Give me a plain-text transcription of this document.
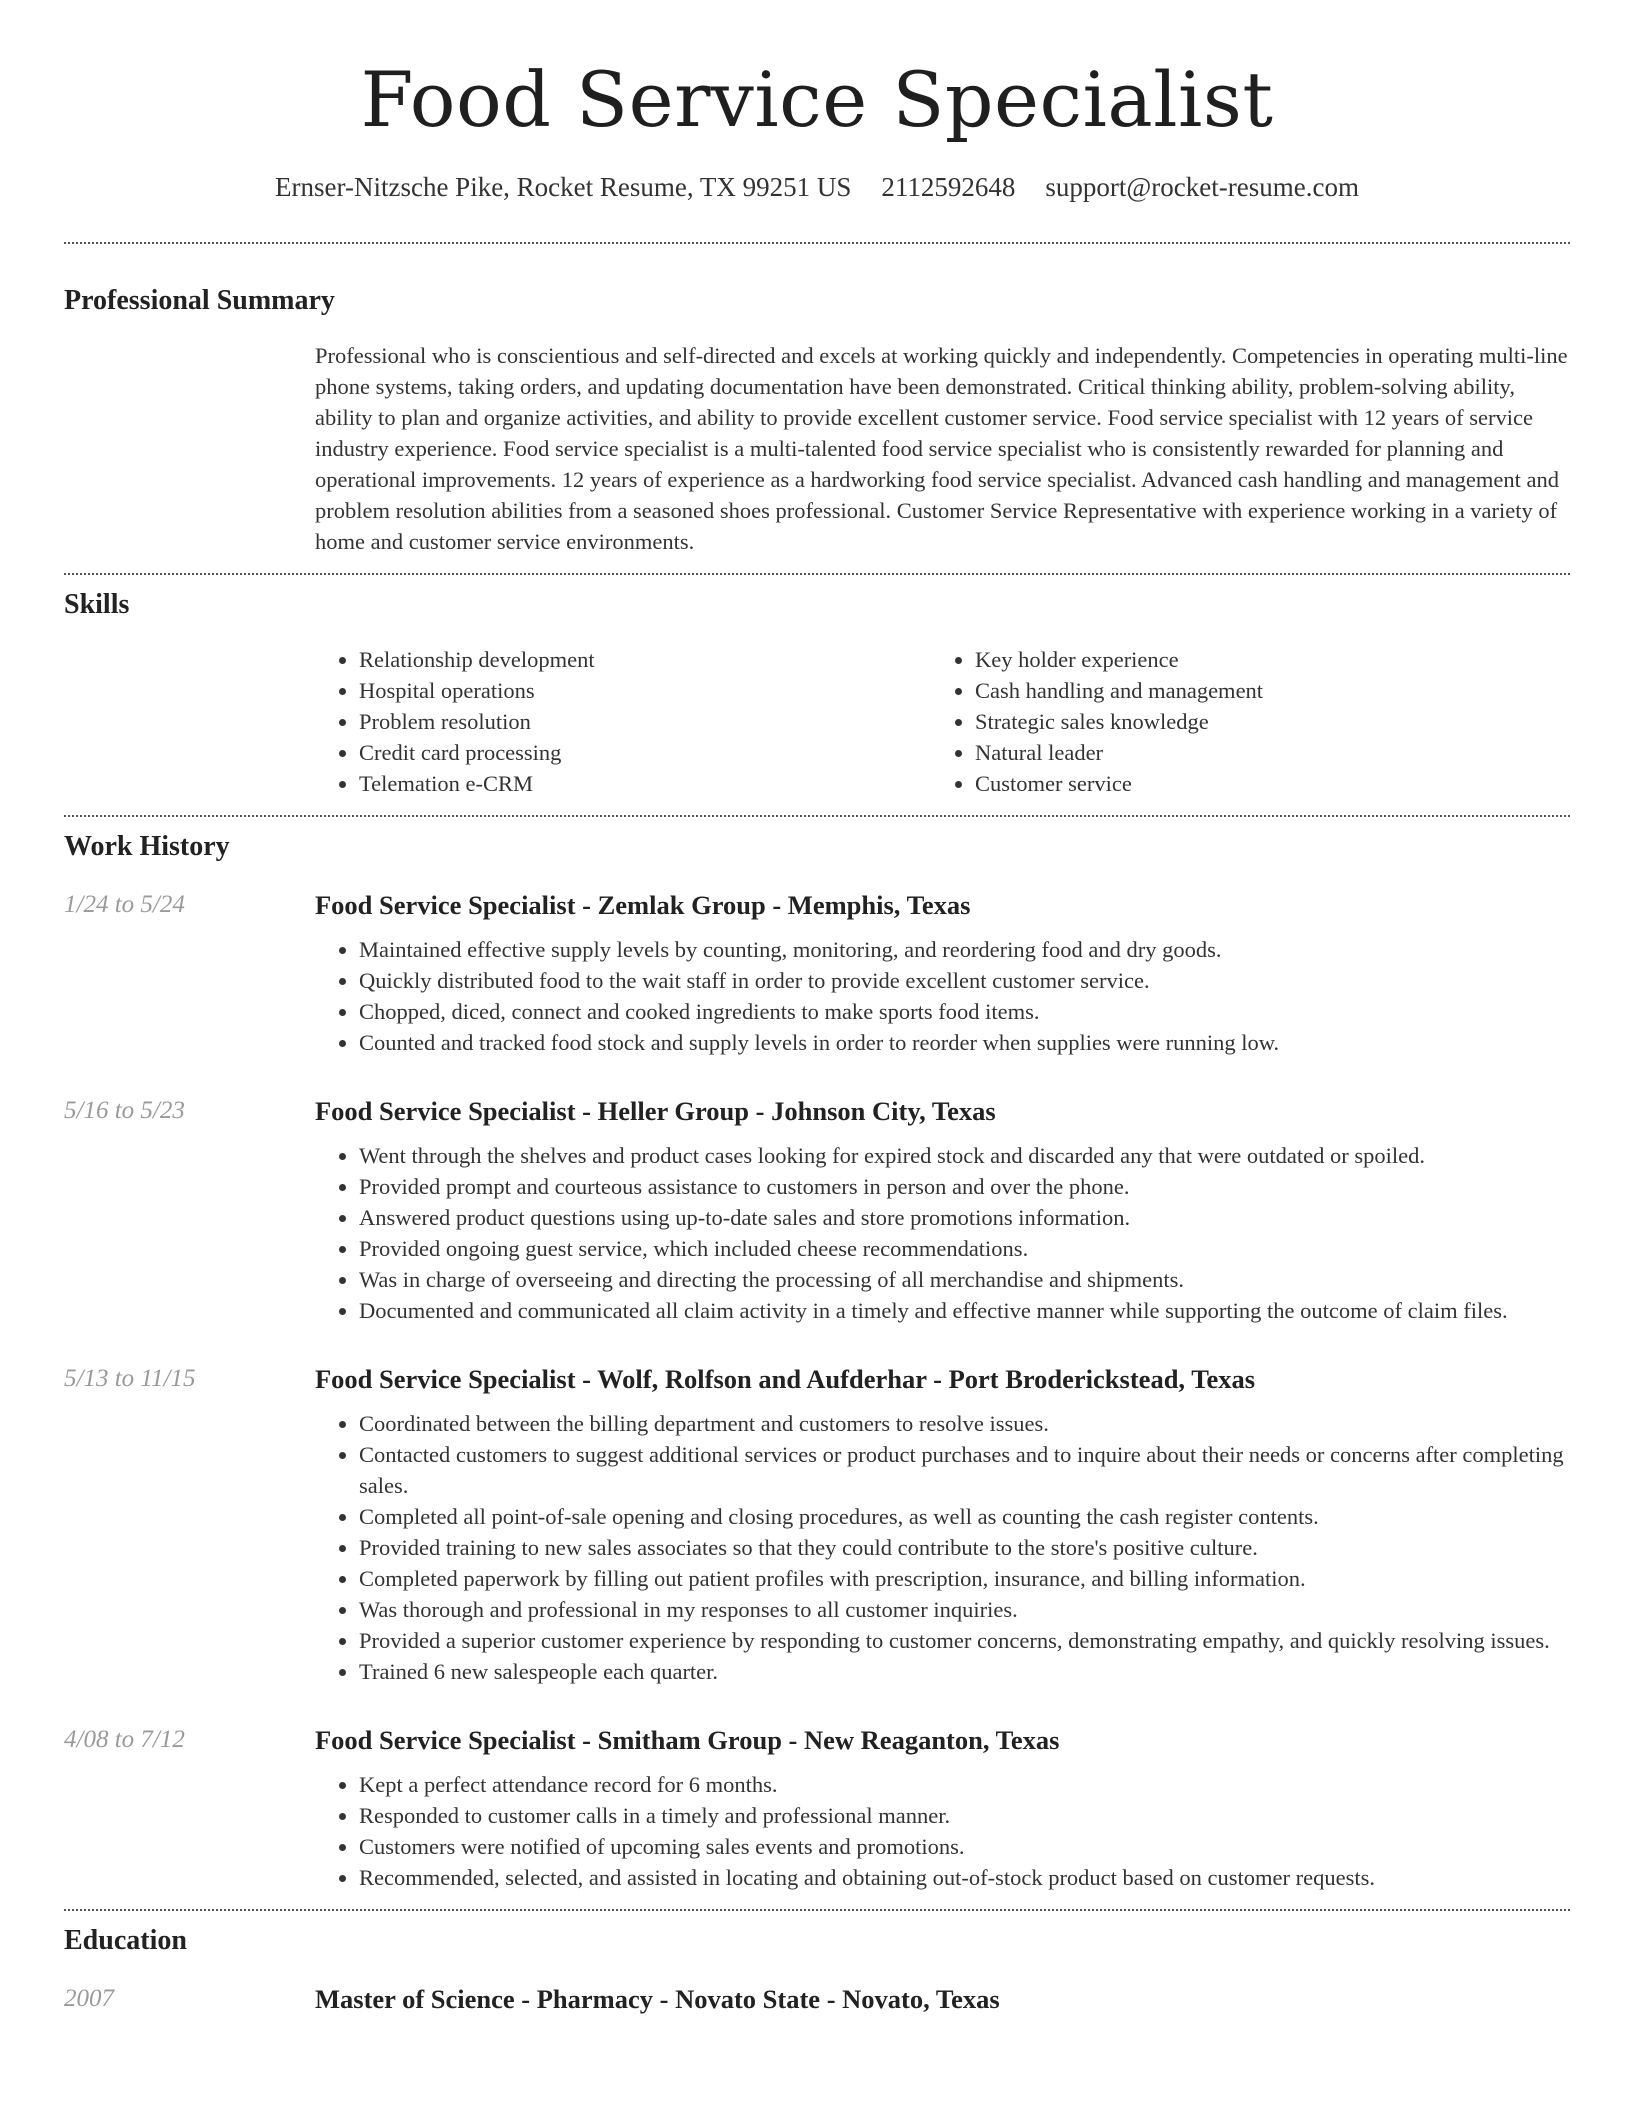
Food Service Specialist
Ernser-Nitzsche Pike, Rocket Resume, TX 99251 US 2112592648 support@rocket-resume.com
Professional Summary

Professional who is conscientious and self-directed and excels at working quickly and independently. Competencies in operating multi-line phone systems, taking orders, and updating documentation have been demonstrated. Critical thinking ability, problem-solving ability, ability to plan and organize activities, and ability to provide excellent customer service. Food service specialist with 12 years of service industry experience. Food service specialist is a multi-talented food service specialist who is consistently rewarded for planning and operational improvements. 12 years of experience as a hardworking food service specialist. Advanced cash handling and management and problem resolution abilities from a seasoned shoes professional. Customer Service Representative with experience working in a variety of home and customer service environments.

Skills
• Relationship development
• Hospital operations
• Problem resolution
• Credit card processing
• Telemation e-CRM
• Key holder experience
• Cash handling and management
• Strategic sales knowledge
• Natural leader
• Customer service
Work History
1/24 to 5/24	Food Service Specialist - Zemlak Group - Memphis, Texas
• Maintained effective supply levels by counting, monitoring, and reordering food and dry goods.
• Quickly distributed food to the wait staff in order to provide excellent customer service.
• Chopped, diced, connect and cooked ingredients to make sports food items.
• Counted and tracked food stock and supply levels in order to reorder when supplies were running low.
5/16 to 5/23	Food Service Specialist - Heller Group - Johnson City, Texas
• Went through the shelves and product cases looking for expired stock and discarded any that were outdated or spoiled.
• Provided prompt and courteous assistance to customers in person and over the phone.
• Answered product questions using up-to-date sales and store promotions information.
• Provided ongoing guest service, which included cheese recommendations.
• Was in charge of overseeing and directing the processing of all merchandise and shipments.
• Documented and communicated all claim activity in a timely and effective manner while supporting the outcome of claim files.
5/13 to 11/15	Food Service Specialist - Wolf, Rolfson and Aufderhar - Port Broderickstead, Texas
• Coordinated between the billing department and customers to resolve issues.
• Contacted customers to suggest additional services or product purchases and to inquire about their needs or concerns after completing sales.
• Completed all point-of-sale opening and closing procedures, as well as counting the cash register contents.
• Provided training to new sales associates so that they could contribute to the store's positive culture.
• Completed paperwork by filling out patient profiles with prescription, insurance, and billing information.
• Was thorough and professional in my responses to all customer inquiries.
• Provided a superior customer experience by responding to customer concerns, demonstrating empathy, and quickly resolving issues.
• Trained 6 new salespeople each quarter.
4/08 to 7/12	Food Service Specialist - Smitham Group - New Reaganton, Texas
• Kept a perfect attendance record for 6 months.
• Responded to customer calls in a timely and professional manner.
• Customers were notified of upcoming sales events and promotions.
• Recommended, selected, and assisted in locating and obtaining out-of-stock product based on customer requests.
Education
2007	Master of Science - Pharmacy - Novato State - Novato, Texas
